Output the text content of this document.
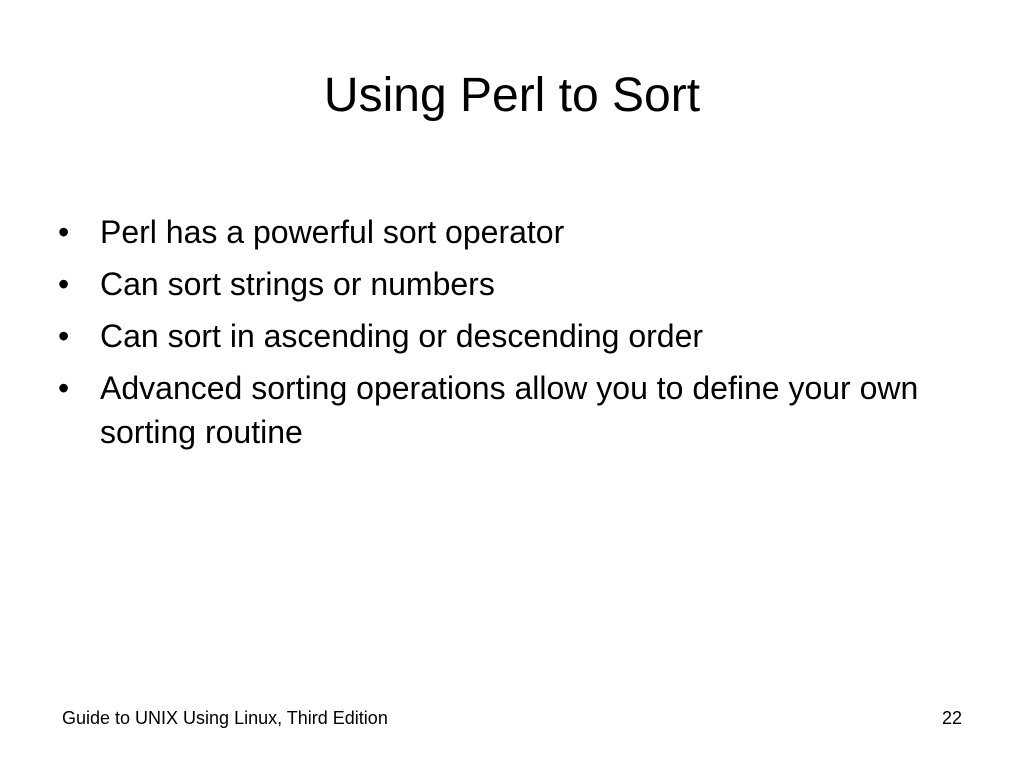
Using Perl to Sort
• Perl has a powerful sort operator
• Can sort strings or numbers
• Can sort in ascending or descending order
• Advanced sorting operations allow you to define your own sorting routine
Guide to UNIX Using Linux, Third Edition	22
